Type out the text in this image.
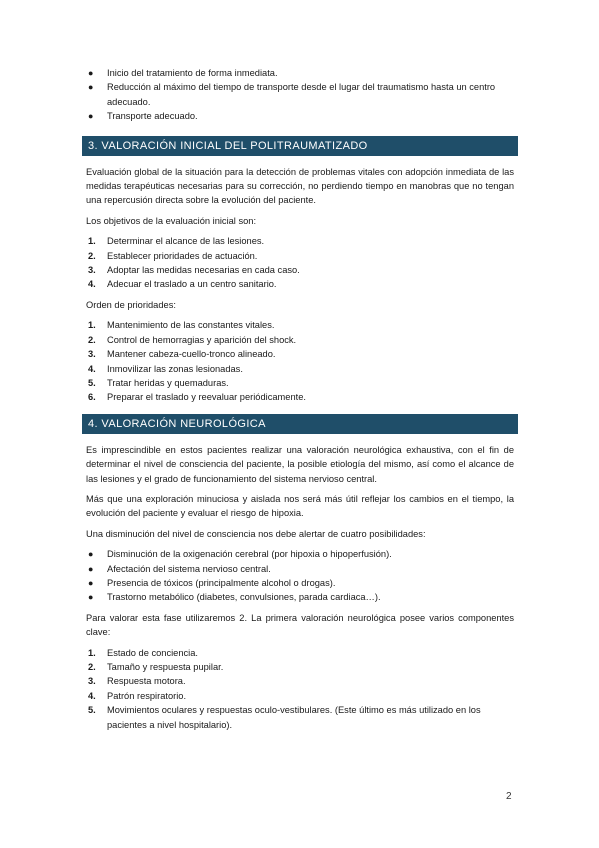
● Inicio del tratamiento de forma inmediata.
● Reducción al máximo del tiempo de transporte desde el lugar del traumatismo hasta un centro adecuado.
● Transporte adecuado.
3. VALORACIÓN INICIAL DEL POLITRAUMATIZADO

Evaluación global de la situación para la detección de problemas vitales con adopción inmediata de las medidas terapéuticas necesarias para su corrección, no perdiendo tiempo en manobras que no tengan una repercusión directa sobre la evolución del paciente.

Los objetivos de la evaluación inicial son:

1. Determinar el alcance de las lesiones.
2. Establecer prioridades de actuación.
3. Adoptar las medidas necesarias en cada caso.
4. Adecuar el traslado a un centro sanitario.

Orden de prioridades:

1. Mantenimiento de las constantes vitales.
2. Control de hemorragias y aparición del shock.
3. Mantener cabeza-cuello-tronco alineado.
4. Inmovilizar las zonas lesionadas.
5. Tratar heridas y quemaduras.
6. Preparar el traslado y reevaluar periódicamente.
4. VALORACIÓN NEUROLÓGICA

Es imprescindible en estos pacientes realizar una valoración neurológica exhaustiva, con el fin de determinar el nivel de consciencia del paciente, la posible etiología del mismo, así como el alcance de las lesiones y el grado de funcionamiento del sistema nervioso central.

Más que una exploración minuciosa y aislada nos será más útil reflejar los cambios en el tiempo, la evolución del paciente y evaluar el riesgo de hipoxia.

Una disminución del nivel de consciencia nos debe alertar de cuatro posibilidades:

● Disminución de la oxigenación cerebral (por hipoxia o hipoperfusión).
● Afectación del sistema nervioso central.
● Presencia de tóxicos (principalmente alcohol o drogas).
● Trastorno metabólico (diabetes, convulsiones, parada cardiaca…).

Para valorar esta fase utilizaremos 2. La primera valoración neurológica posee varios componentes clave:

1. Estado de conciencia.
2. Tamaño y respuesta pupilar.
3. Respuesta motora.
4. Patrón respiratorio.
5. Movimientos oculares y respuestas oculo-vestibulares. (Este último es más utilizado en los pacientes a nivel hospitalario).
2
